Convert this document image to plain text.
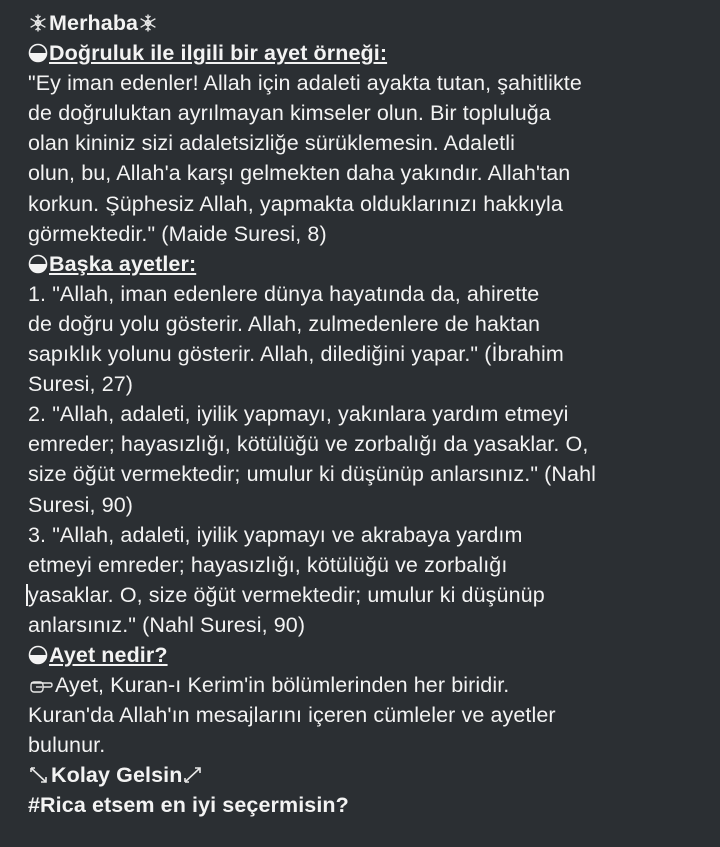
Merhaba
Doğruluk ile ilgili bir ayet örneği:
"Ey iman edenler! Allah için adaleti ayakta tutan, şahitlikte
de doğruluktan ayrılmayan kimseler olun. Bir topluluğa
olan kininiz sizi adaletsizliğe sürüklemesin. Adaletli
olun, bu, Allah'a karşı gelmekten daha yakındır. Allah'tan
korkun. Şüphesiz Allah, yapmakta olduklarınızı hakkıyla
görmektedir." (Maide Suresi, 8)
Başka ayetler:
1. "Allah, iman edenlere dünya hayatında da, ahirette
de doğru yolu gösterir. Allah, zulmedenlere de haktan
sapıklık yolunu gösterir. Allah, dilediğini yapar." (İbrahim
Suresi, 27)
2. "Allah, adaleti, iyilik yapmayı, yakınlara yardım etmeyi
emreder; hayasızlığı, kötülüğü ve zorbalığı da yasaklar. O,
size öğüt vermektedir; umulur ki düşünüp anlarsınız." (Nahl
Suresi, 90)
3. "Allah, adaleti, iyilik yapmayı ve akrabaya yardım
etmeyi emreder; hayasızlığı, kötülüğü ve zorbalığı
yasaklar. O, size öğüt vermektedir; umulur ki düşünüp
anlarsınız." (Nahl Suresi, 90)
Ayet nedir?
Ayet, Kuran-ı Kerim'in bölümlerinden her biridir.
Kuran'da Allah'ın mesajlarını içeren cümleler ve ayetler
bulunur.
Kolay Gelsin
#Rica etsem en iyi seçermisin?
